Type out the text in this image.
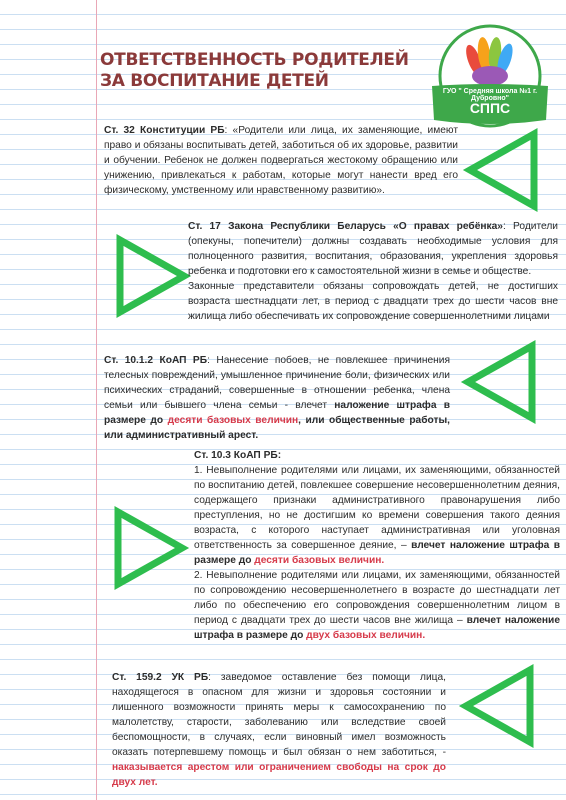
ОТВЕТСТВЕННОСТЬ РОДИТЕЛЕЙ ЗА ВОСПИТАНИЕ ДЕТЕЙ
ГУО " Средняя школа №1 г. Дубровно"
СППС
Ст. 32 Конституции РБ: «Родители или лица, их заменяющие, имеют право и обязаны воспитывать детей, заботиться об их здоровье, развитии и обучении. Ребенок не должен подвергаться жестокому обращению или унижению, привлекаться к работам, которые могут нанести вред его физическому, умственному или нравственному развитию».

Ст. 17 Закона Республики Беларусь «О правах ребёнка»: Родители (опекуны, попечители) должны создавать необходимые условия для полноценного развития, воспитания, образования, укрепления здоровья ребенка и подготовки его к самостоятельной жизни в семье и обществе.

Законные представители обязаны сопровождать детей, не достигших возраста шестнадцати лет, в период с двадцати трех до шести часов вне жилища либо обеспечивать их сопровождение совершеннолетними лицами

Ст. 10.1.2 КоАП РБ: Нанесение побоев, не повлекшее причинения телесных повреждений, умышленное причинение боли, физических или психических страданий, совершенные в отношении ребенка, члена семьи или бывшего члена семьи - влечет наложение штрафа в размере до десяти базовых величин, или общественные работы, или административный арест.

Ст. 10.3 КоАП РБ:

1. Невыполнение родителями или лицами, их заменяющими, обязанностей по воспитанию детей, повлекшее совершение несовершеннолетним деяния, содержащего признаки административного правонарушения либо преступления, но не достигшим ко времени совершения такого деяния возраста, с которого наступает административная или уголовная ответственность за совершенное деяние, – влечет наложение штрафа в размере до десяти базовых величин.

2. Невыполнение родителями или лицами, их заменяющими, обязанностей по сопровождению несовершеннолетнего в возрасте до шестнадцати лет либо по обеспечению его сопровождения совершеннолетним лицом в период с двадцати трех до шести часов вне жилища – влечет наложение штрафа в размере до двух базовых величин.

Ст. 159.2 УК РБ: заведомое оставление без помощи лица, находящегося в опасном для жизни и здоровья состоянии и лишенного возможности принять меры к самосохранению по малолетству, старости, заболеванию или вследствие своей беспомощности, в случаях, если виновный имел возможность оказать потерпевшему помощь и был обязан о нем заботиться, - наказывается арестом или ограничением свободы на срок до двух лет.
